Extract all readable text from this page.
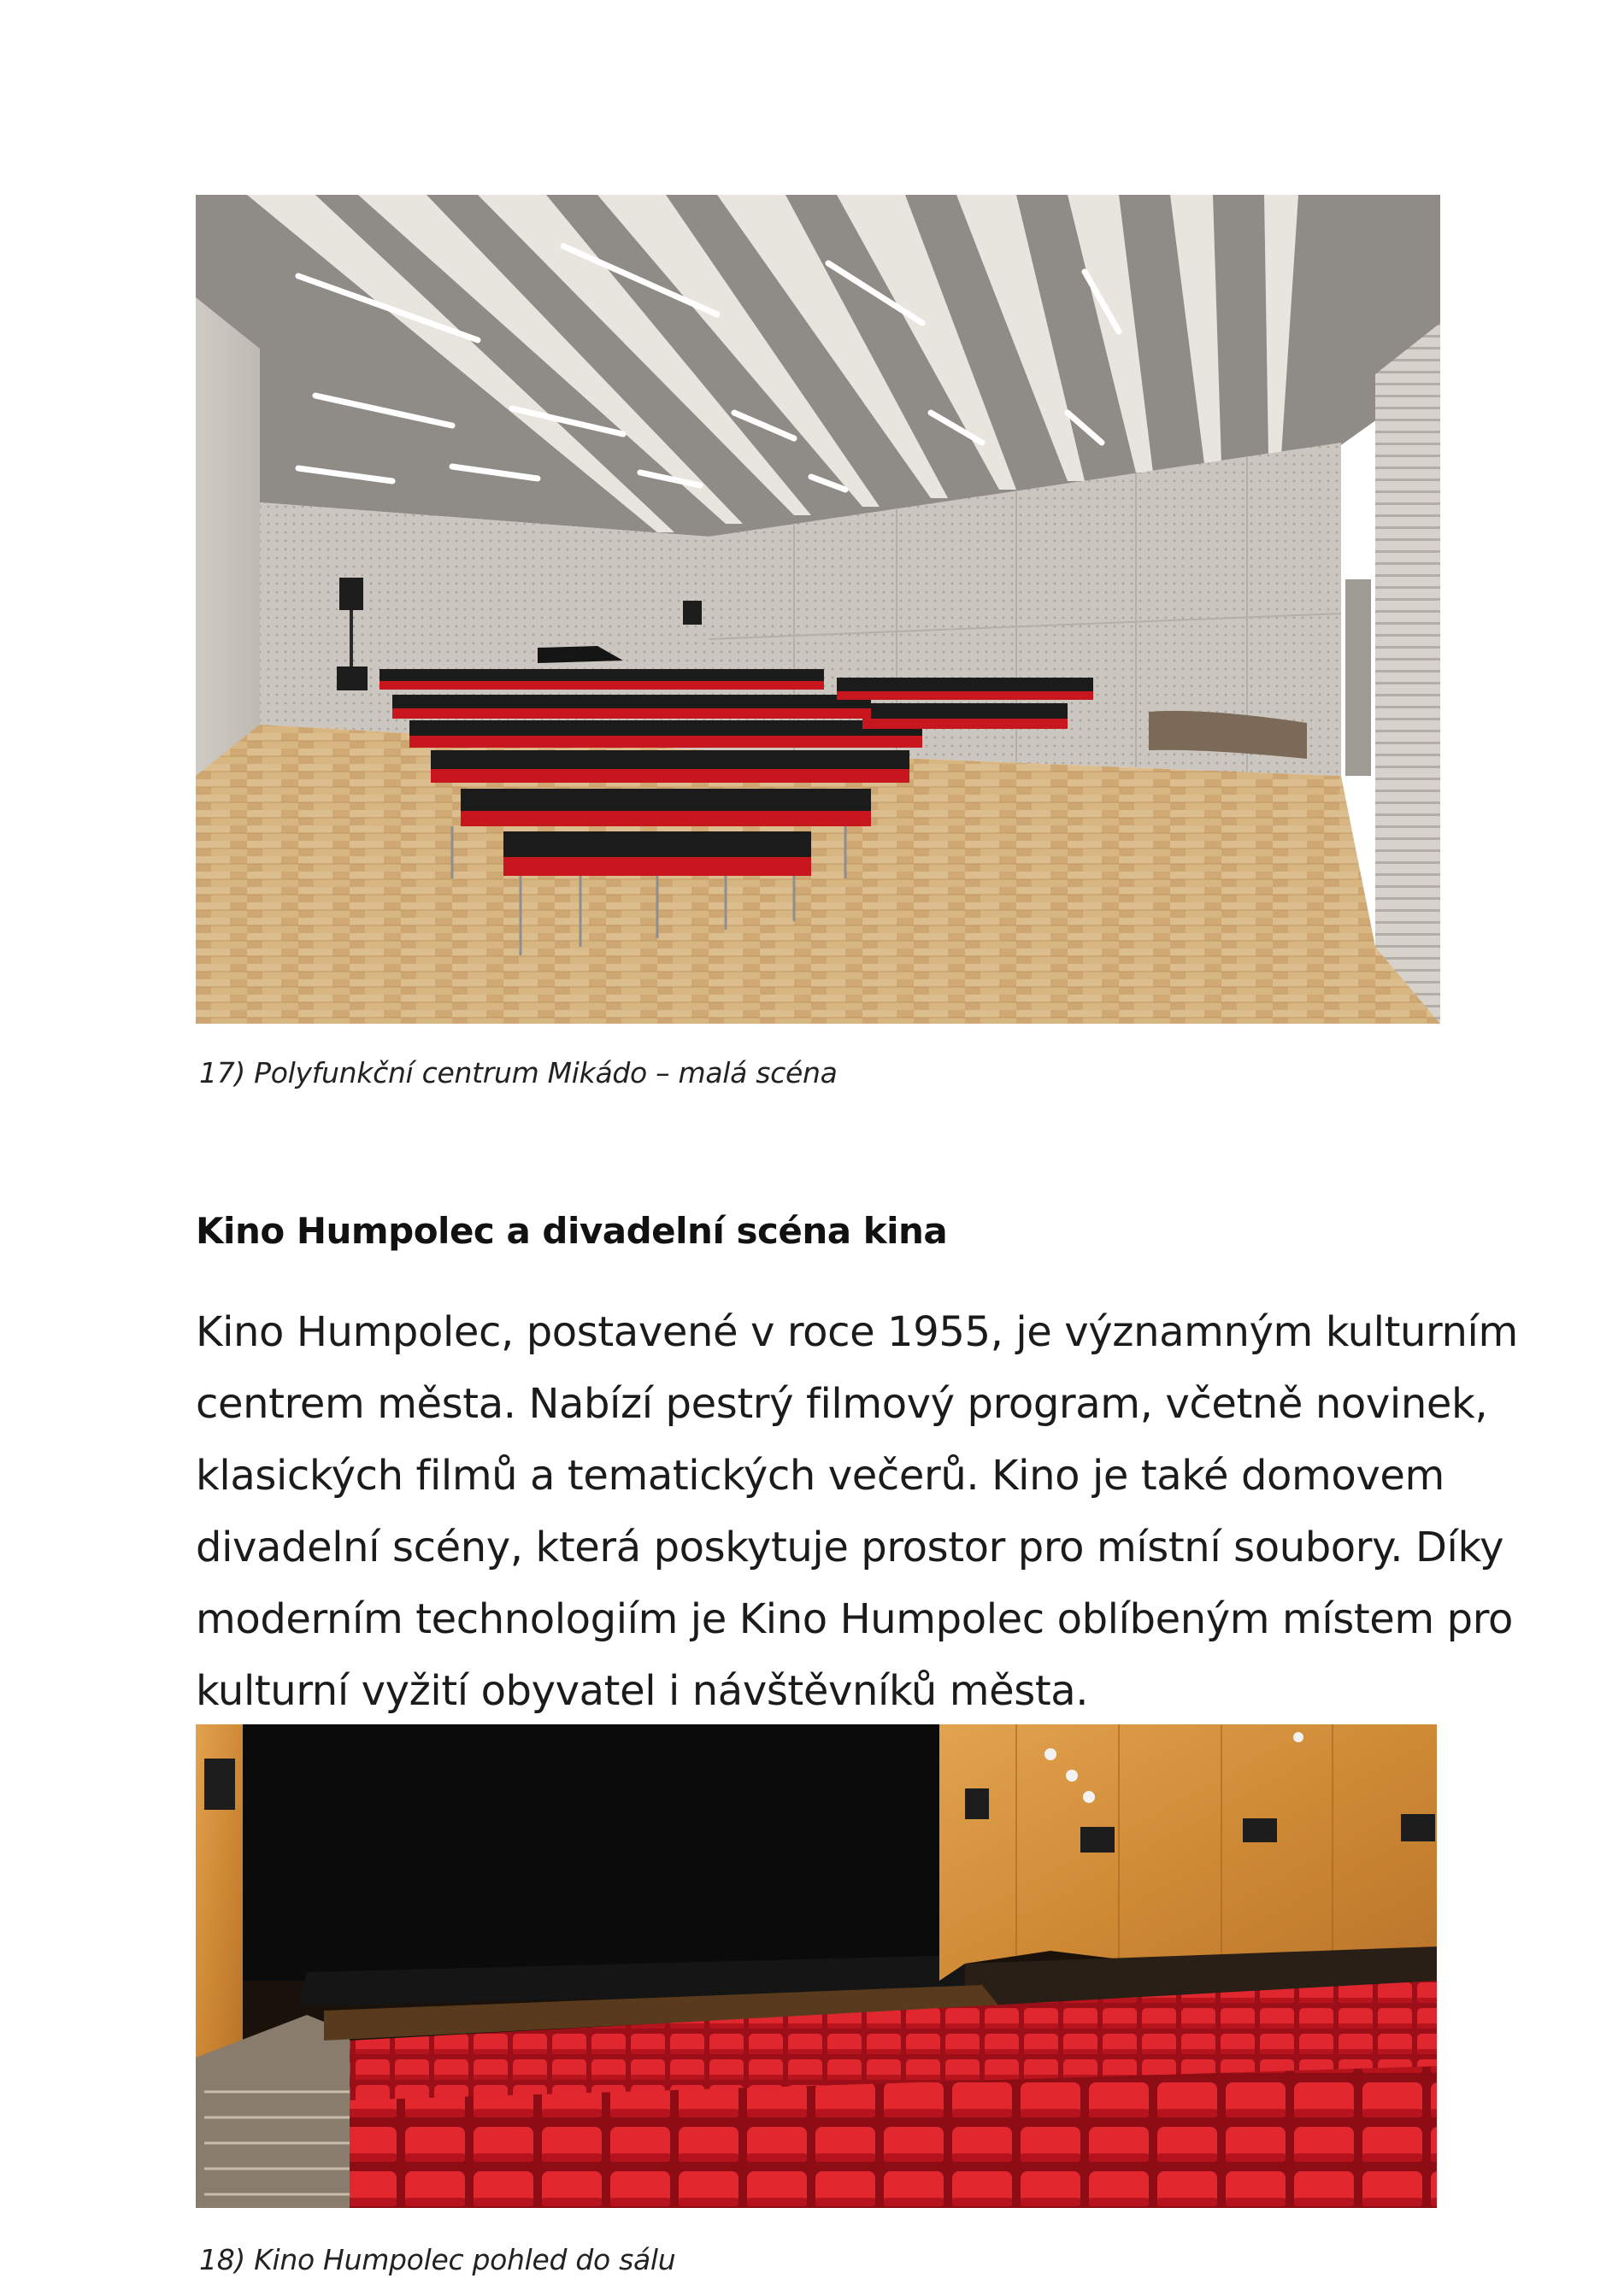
17) Polyfunkční centrum Mikádo – malá scéna
Kino Humpolec a divadelní scéna kina
Kino Humpolec, postavené v roce 1955, je významným kulturním
centrem města. Nabízí pestrý filmový program, včetně novinek,
klasických filmů a tematických večerů. Kino je také domovem
divadelní scény, která poskytuje prostor pro místní soubory. Díky
moderním technologiím je Kino Humpolec oblíbeným místem pro
kulturní vyžití obyvatel i návštěvníků města.
18) Kino Humpolec pohled do sálu
